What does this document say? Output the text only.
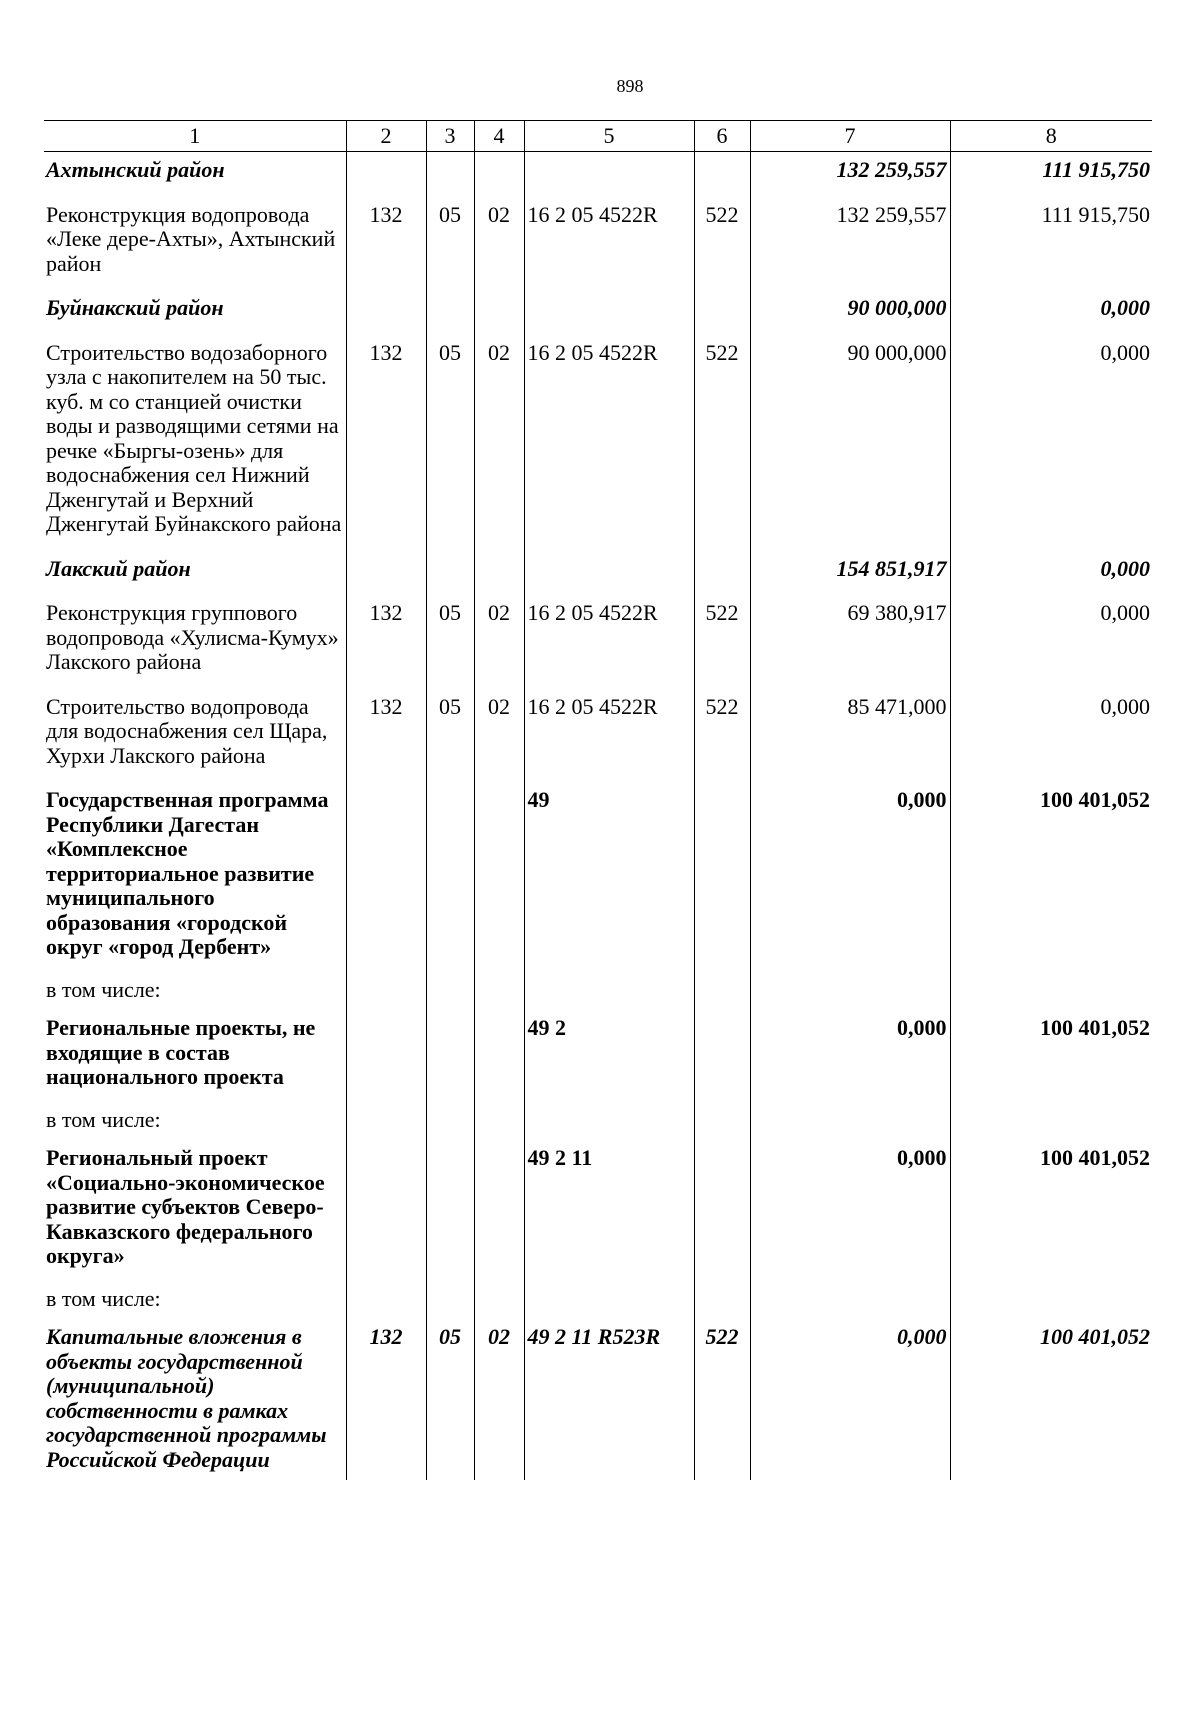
898
1	2	3	4	5	6	7	8
Ахтынский район						132 259,557	111 915,750
Реконструкция водопровода «Леке дере-Ахты», Ахтынский район	132	05	02	16 2 05 4522R	522	132 259,557	111 915,750
Буйнакский район						90 000,000	0,000
Строительство водозаборного узла с накопителем на 50 тыс. куб. м со станцией очистки воды и разводящими сетями на речке «Быргы-озень» для водоснабжения сел Нижний Дженгутай и Верхний Дженгутай Буйнакского района	132	05	02	16 2 05 4522R	522	90 000,000	0,000
Лакский район						154 851,917	0,000
Реконструкция группового водопровода «Хулисма-Кумух» Лакского района	132	05	02	16 2 05 4522R	522	69 380,917	0,000
Строительство водопровода для водоснабжения сел Щара, Хурхи Лакского района	132	05	02	16 2 05 4522R	522	85 471,000	0,000
Государственная программа Республики Дагестан «Комплексное территориальное развитие муниципального образования «городской округ «город Дербент»				49		0,000	100 401,052
в том числе:							
Региональные проекты, не входящие в состав национального проекта				49 2		0,000	100 401,052
в том числе:							
Региональный проект «Социально-экономическое развитие субъектов Северо-Кавказского федерального округа»				49 2 11		0,000	100 401,052
в том числе:							
Капитальные вложения в объекты государственной (муниципальной) собственности в рамках государственной программы Российской Федерации	132	05	02	49 2 11 R523R	522	0,000	100 401,052
